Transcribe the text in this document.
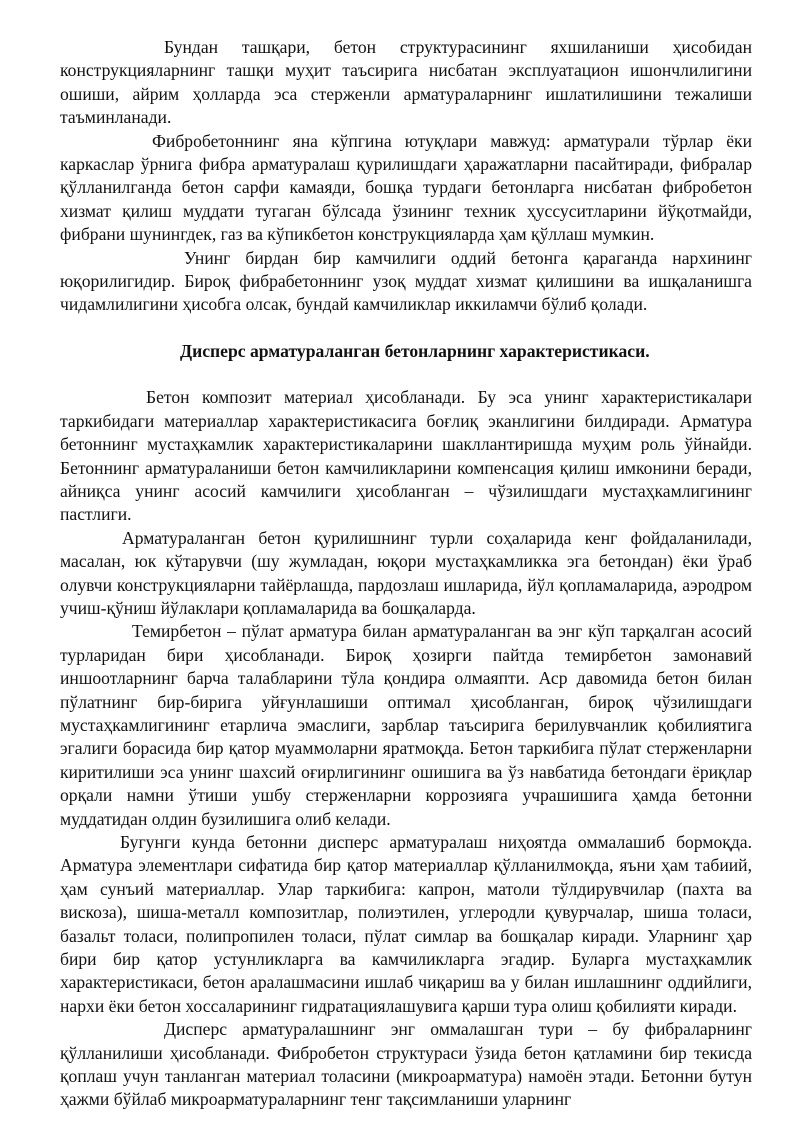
Бундан ташқари, бетон структурасининг яхшиланиши ҳисобидан конструкцияларнинг ташқи муҳит таъсирига нисбатан эксплуатацион ишончлилигини ошиши, айрим ҳолларда эса стерженли арматураларнинг ишлатилишини тежалиши таъминланади.

Фибробетоннинг яна кўпгина ютуқлари мавжуд: арматурали тўрлар ёки каркаслар ўрнига фибра арматуралаш қурилишдаги ҳаражатларни пасайтиради, фибралар қўлланилганда бетон сарфи камаяди, бошқа турдаги бетонларга нисбатан фибробетон хизмат қилиш муддати тугаган бўлсада ўзининг техник ҳуссуситларини йўқотмайди, фибрани шунингдек, газ ва кўпикбетон конструкцияларда ҳам қўллаш мумкин.

Унинг бирдан бир камчилиги оддий бетонга қараганда нархининг юқорилигидир. Бироқ фибрабетоннинг узоқ муддат хизмат қилишини ва ишқаланишга чидамлилигини ҳисобга олсак, бундай камчиликлар иккиламчи бўлиб қолади.

Дисперс арматураланган бетонларнинг характеристикаси.

Бетон композит материал ҳисобланади. Бу эса унинг характеристикалари таркибидаги материаллар характеристикасига боғлиқ эканлигини билдиради. Арматура бетоннинг мустаҳкамлик характеристикаларини шакллантиришда муҳим роль ўйнайди. Бетоннинг арматураланиши бетон камчиликларини компенсация қилиш имконини беради, айниқса унинг асосий камчилиги ҳисобланган – чўзилишдаги мустаҳкамлигининг пастлиги.

Арматураланган бетон қурилишнинг турли соҳаларида кенг фойдаланилади, масалан, юк кўтарувчи (шу жумладан, юқори мустаҳкамликка эга бетондан) ёки ўраб олувчи конструкцияларни тайёрлашда, пардозлаш ишларида, йўл қопламаларида, аэродром учиш-қўниш йўлаклари қопламаларида ва бошқаларда.

Темирбетон – пўлат арматура билан арматураланган ва энг кўп тарқалган асосий турларидан бири ҳисобланади. Бироқ ҳозирги пайтда темирбетон замонавий иншоотларнинг барча талабларини тўла қондира олмаяпти. Аср давомида бетон билан пўлатнинг бир-бирига уйғунлашиши оптимал ҳисобланган, бироқ чўзилишдаги мустаҳкамлигининг етарлича эмаслиги, зарблар таъсирига берилувчанлик қобилиятига эгалиги борасида бир қатор муаммоларни яратмоқда. Бетон таркибига пўлат стерженларни киритилиши эса унинг шахсий оғирлигининг ошишига ва ўз навбатида бетондаги ёриқлар орқали намни ўтиши ушбу стерженларни коррозияга учрашишига ҳамда бетонни муддатидан олдин бузилишига олиб келади.

Бугунги кунда бетонни дисперс арматуралаш ниҳоятда оммалашиб бормоқда. Арматура элементлари сифатида бир қатор материаллар қўлланилмоқда, яъни ҳам табиий, ҳам сунъий материаллар. Улар таркибига: капрон, матоли тўлдирувчилар (пахта ва вискоза), шиша-металл композитлар, полиэтилен, углеродли қувурчалар, шиша толаси, базальт толаси, полипропилен толаси, пўлат симлар ва бошқалар киради. Уларнинг ҳар бири бир қатор устунликларга ва камчиликларга эгадир. Буларга мустаҳкамлик характеристикаси, бетон аралашмасини ишлаб чиқариш ва у билан ишлашнинг оддийлиги, нархи ёки бетон хоссаларининг гидратациялашувига қарши тура олиш қобилияти киради.

Дисперс арматуралашнинг энг оммалашган тури – бу фибраларнинг қўлланилиши ҳисобланади. Фибробетон структураси ўзида бетон қатламини бир текисда қоплаш учун танланган материал толасини (микроарматура) намоён этади. Бетонни бутун ҳажми бўйлаб микроарматураларнинг тенг тақсимланиши уларнинг
